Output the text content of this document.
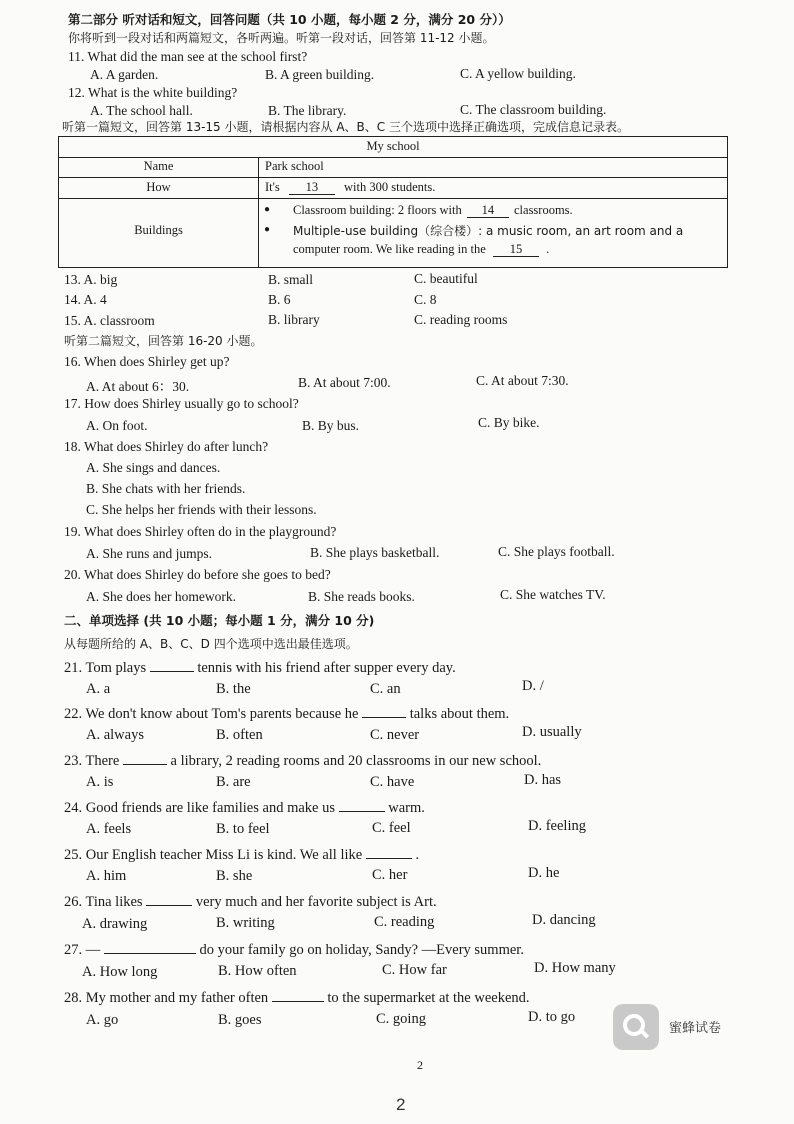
第二部分 听对话和短文，回答问题（共 10 小题，每小题 2 分，满分 20 分））
你将听到一段对话和两篇短文，各听两遍。听第一段对话，回答第 11-12 小题。
11. What did the man see at the school first?
A. A garden.	B. A green building.	C. A yellow building.
12. What is the white building?
A. The school hall.	B. The library.	C. The classroom building.
听第一篇短文，回答第 13-15 小题，请根据内容从 A、B、C 三个选项中选择正确选项，完成信息记录表。
My school
Name	Park school
How	It's 13 with 300 students.
Buildings
● Classroom building: 2 floors with 14 classrooms.
● Multiple-use building（综合楼）: a music room, an art room and a
computer room. We like reading in the 15 .
13. A. big	B. small	C. beautiful
14. A. 4	B. 6	C. 8
15. A. classroom	B. library	C. reading rooms
听第二篇短文，回答第 16-20 小题。
16. When does Shirley get up?
A. At about 6：30.	B. At about 7:00.	C. At about 7:30.
17. How does Shirley usually go to school?
A. On foot.	B. By bus.	C. By bike.
18. What does Shirley do after lunch?
A. She sings and dances.
B. She chats with her friends.
C. She helps her friends with their lessons.
19. What does Shirley often do in the playground?
A. She runs and jumps.	B. She plays basketball.	C. She plays football.
20. What does Shirley do before she goes to bed?
A. She does her homework.	B. She reads books.	C. She watches TV.
二、单项选择 (共 10 小题；每小题 1 分，满分 10 分)
从每题所给的 A、B、C、D 四个选项中选出最佳选项。
21. Tom plays	tennis with his friend after supper every day.
A. a	B. the	C. an	D. /
22. We don't know about Tom's parents because he	talks about them.
A. always	B. often	C. never	D. usually
23. There	a library, 2 reading rooms and 20 classrooms in our new school.
A. is	B. are	C. have	D. has
24. Good friends are like families and make us	warm.
A. feels	B. to feel	C. feel	D. feeling
25. Our English teacher Miss Li is kind. We all like	.
A. him	B. she	C. her	D. he
26. Tina likes	very much and her favorite subject is Art.
A. drawing	B. writing	C. reading	D. dancing
27. —	do your family go on holiday, Sandy? —Every summer.
A. How long	B. How often	C. How far	D. How many
28. My mother and my father often	to the supermarket at the weekend.
A. go	B. goes	C. going	D. to go
蜜蜂试卷
2
2
